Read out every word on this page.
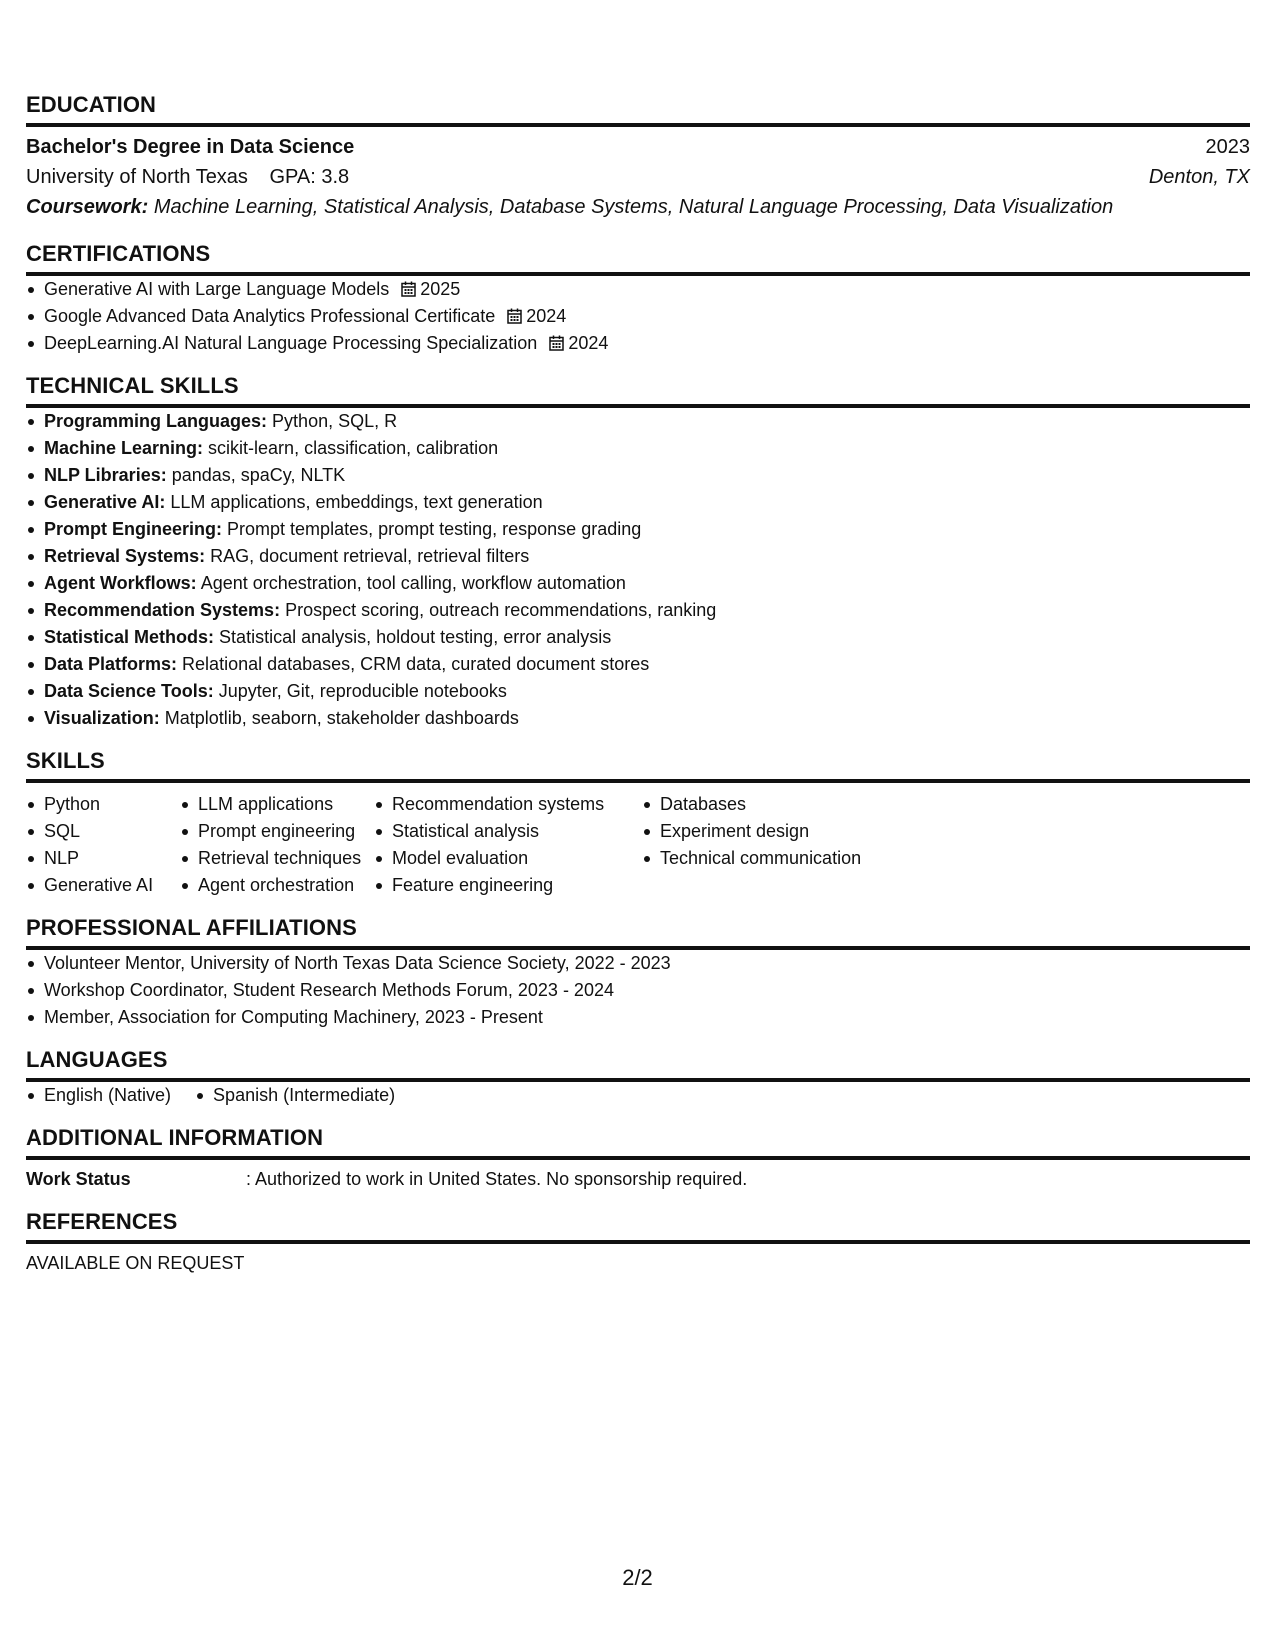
EDUCATION
Bachelor's Degree in Data Science	2023
University of North Texas GPA: 3.8	Denton, TX
Coursework: Machine Learning, Statistical Analysis, Database Systems, Natural Language Processing, Data Visualization
CERTIFICATIONS
Generative AI with Large Language Models 2025
Google Advanced Data Analytics Professional Certificate 2024
DeepLearning.AI Natural Language Processing Specialization 2024
TECHNICAL SKILLS
Programming Languages: Python, SQL, R
Machine Learning: scikit-learn, classification, calibration
NLP Libraries: pandas, spaCy, NLTK
Generative AI: LLM applications, embeddings, text generation
Prompt Engineering: Prompt templates, prompt testing, response grading
Retrieval Systems: RAG, document retrieval, retrieval filters
Agent Workflows: Agent orchestration, tool calling, workflow automation
Recommendation Systems: Prospect scoring, outreach recommendations, ranking
Statistical Methods: Statistical analysis, holdout testing, error analysis
Data Platforms: Relational databases, CRM data, curated document stores
Data Science Tools: Jupyter, Git, reproducible notebooks
Visualization: Matplotlib, seaborn, stakeholder dashboards
SKILLS
Python
SQL
NLP
Generative AI
LLM applications
Prompt engineering
Retrieval techniques
Agent orchestration
Recommendation systems
Statistical analysis
Model evaluation
Feature engineering
Databases
Experiment design
Technical communication
PROFESSIONAL AFFILIATIONS
Volunteer Mentor, University of North Texas Data Science Society, 2022 - 2023
Workshop Coordinator, Student Research Methods Forum, 2023 - 2024
Member, Association for Computing Machinery, 2023 - Present
LANGUAGES
English (Native)	Spanish (Intermediate)
ADDITIONAL INFORMATION
Work Status	: Authorized to work in United States. No sponsorship required.
REFERENCES
AVAILABLE ON REQUEST
2/2
